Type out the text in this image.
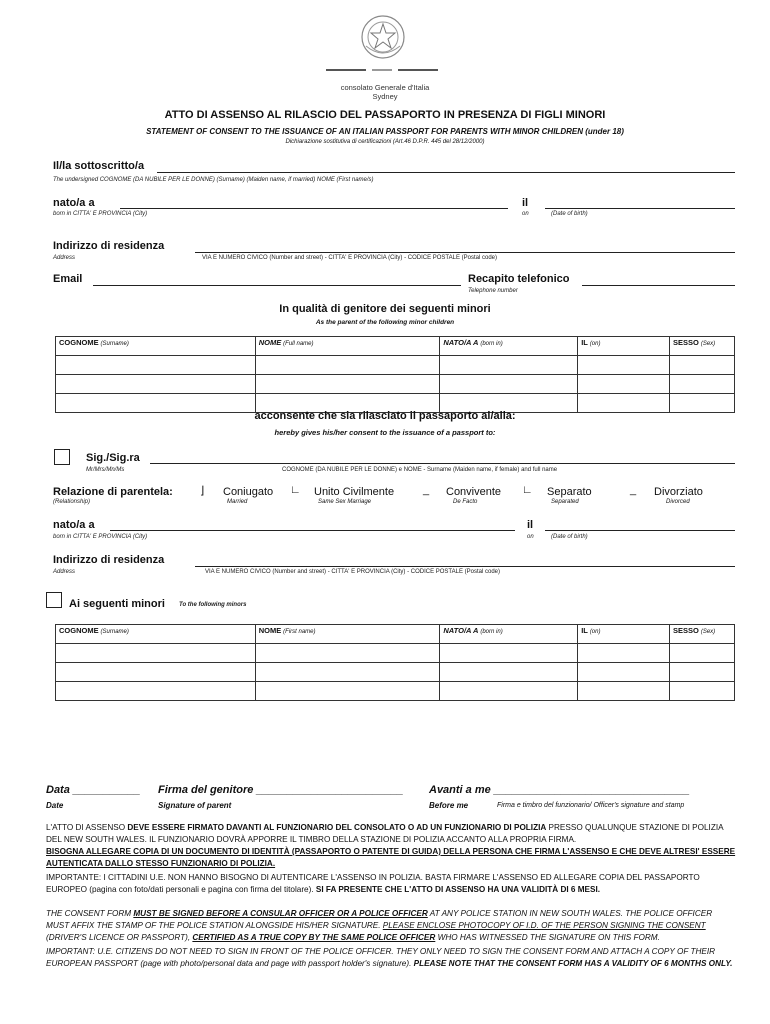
consolato Generale d'Italia
Sydney
ATTO DI ASSENSO AL RILASCIO DEL PASSAPORTO IN PRESENZA DI FIGLI MINORI
STATEMENT OF CONSENT TO THE ISSUANCE OF AN ITALIAN PASSPORT FOR PARENTS WITH MINOR CHILDREN (under 18)
Dichiarazione sostitutiva di certificazioni (Art.46 D.P.R. 445 del 28/12/2000)
Il/la sottoscritto/a
The undersigned COGNOME (DA NUBILE PER LE DONNE) (Surname) (Maiden name, if married) NOME (First name/s)
nato/a a	il
born in CITTA' E PROVINCIA (City)	on	(Date of birth)
Indirizzo di residenza
Address	VIA E NUMERO CIVICO (Number and street) - CITTA' E PROVINCIA (City) - CODICE POSTALE (Postal code)
Email	Recapito telefonico
Telephone number
In qualità di genitore dei seguenti minori
As the parent of the following minor children
COGNOME (Surname)	NOME (Full name)	NATO/A A (born in)	IL (on)	SESSO (Sex)

acconsente che sia rilasciato il passaporto al/alla:
hereby gives his/her consent to the issuance of a passport to:
Sig./Sig.ra
Mr/Mrs/Mn/Ms	COGNOME (DA NUBILE PER LE DONNE) e NOME - Surname (Maiden name, if female) and full name
Relazione di parentela:
(Relationship)
⌋ Coniugato
Married
∟ Unito Civilmente
Same Sex Marriage
_ Convivente
De Facto
∟ Separato
Separated
_ Divorziato
Divorced
nato/a a	il
born in CITTA' E PROVINCIA (City)	on	(Date of birth)
Indirizzo di residenza
Address	VIA E NUMERO CIVICO (Number and street) - CITTA' E PROVINCIA (City) - CODICE POSTALE (Postal code)
Ai seguenti minori To the following minors
COGNOME (Surname)	NOME (First name)	NATO/A A (born in)	IL (on)	SESSO (Sex)

Data ___________ Firma del genitore ________________________ Avanti a me ________________________________
Date	Signature of parent	Before me	Firma e timbro del funzionario/ Officer's signature and stamp
L'ATTO DI ASSENSO DEVE ESSERE FIRMATO DAVANTI AL FUNZIONARIO DEL CONSOLATO O AD UN FUNZIONARIO DI POLIZIA PRESSO QUALUNQUE STAZIONE DI POLIZIA DEL NEW SOUTH WALES. IL FUNZIONARIO DOVRÀ APPORRE IL TIMBRO DELLA STAZIONE DI POLIZIA ACCANTO ALLA PROPRIA FIRMA.
BISOGNA ALLEGARE COPIA DI UN DOCUMENTO DI IDENTITÀ (PASSAPORTO O PATENTE DI GUIDA) DELLA PERSONA CHE FIRMA L'ASSENSO E CHE DEVE ALTRESI' ESSERE AUTENTICATA DALLO STESSO FUNZIONARIO DI POLIZIA.
IMPORTANTE: I CITTADINI U.E. NON HANNO BISOGNO DI AUTENTICARE L'ASSENSO IN POLIZIA. BASTA FIRMARE L'ASSENSO ED ALLEGARE COPIA DEL PASSAPORTO EUROPEO (pagina con foto/dati personali e pagina con firma del titolare). SI FA PRESENTE CHE L'ATTO DI ASSENSO HA UNA VALIDITÀ DI 6 MESI.
THE CONSENT FORM MUST BE SIGNED BEFORE A CONSULAR OFFICER OR A POLICE OFFICER AT ANY POLICE STATION IN NEW SOUTH WALES. THE POLICE OFFICER MUST AFFIX THE STAMP OF THE POLICE STATION ALONGSIDE HIS/HER SIGNATURE. PLEASE ENCLOSE PHOTOCOPY OF I.D. OF THE PERSON SIGNING THE CONSENT (DRIVER'S LICENCE OR PASSPORT), CERTIFIED AS A TRUE COPY BY THE SAME POLICE OFFICER WHO HAS WITNESSED THE SIGNATURE ON THIS FORM.
IMPORTANT: U.E. CITIZENS DO NOT NEED TO SIGN IN FRONT OF THE POLICE OFFICER. THEY ONLY NEED TO SIGN THE CONSENT FORM AND ATTACH A COPY OF THEIR EUROPEAN PASSPORT (page with photo/personal data and page with passport holder's signature). PLEASE NOTE THAT THE CONSENT FORM HAS A VALIDITY OF 6 MONTHS ONLY.
